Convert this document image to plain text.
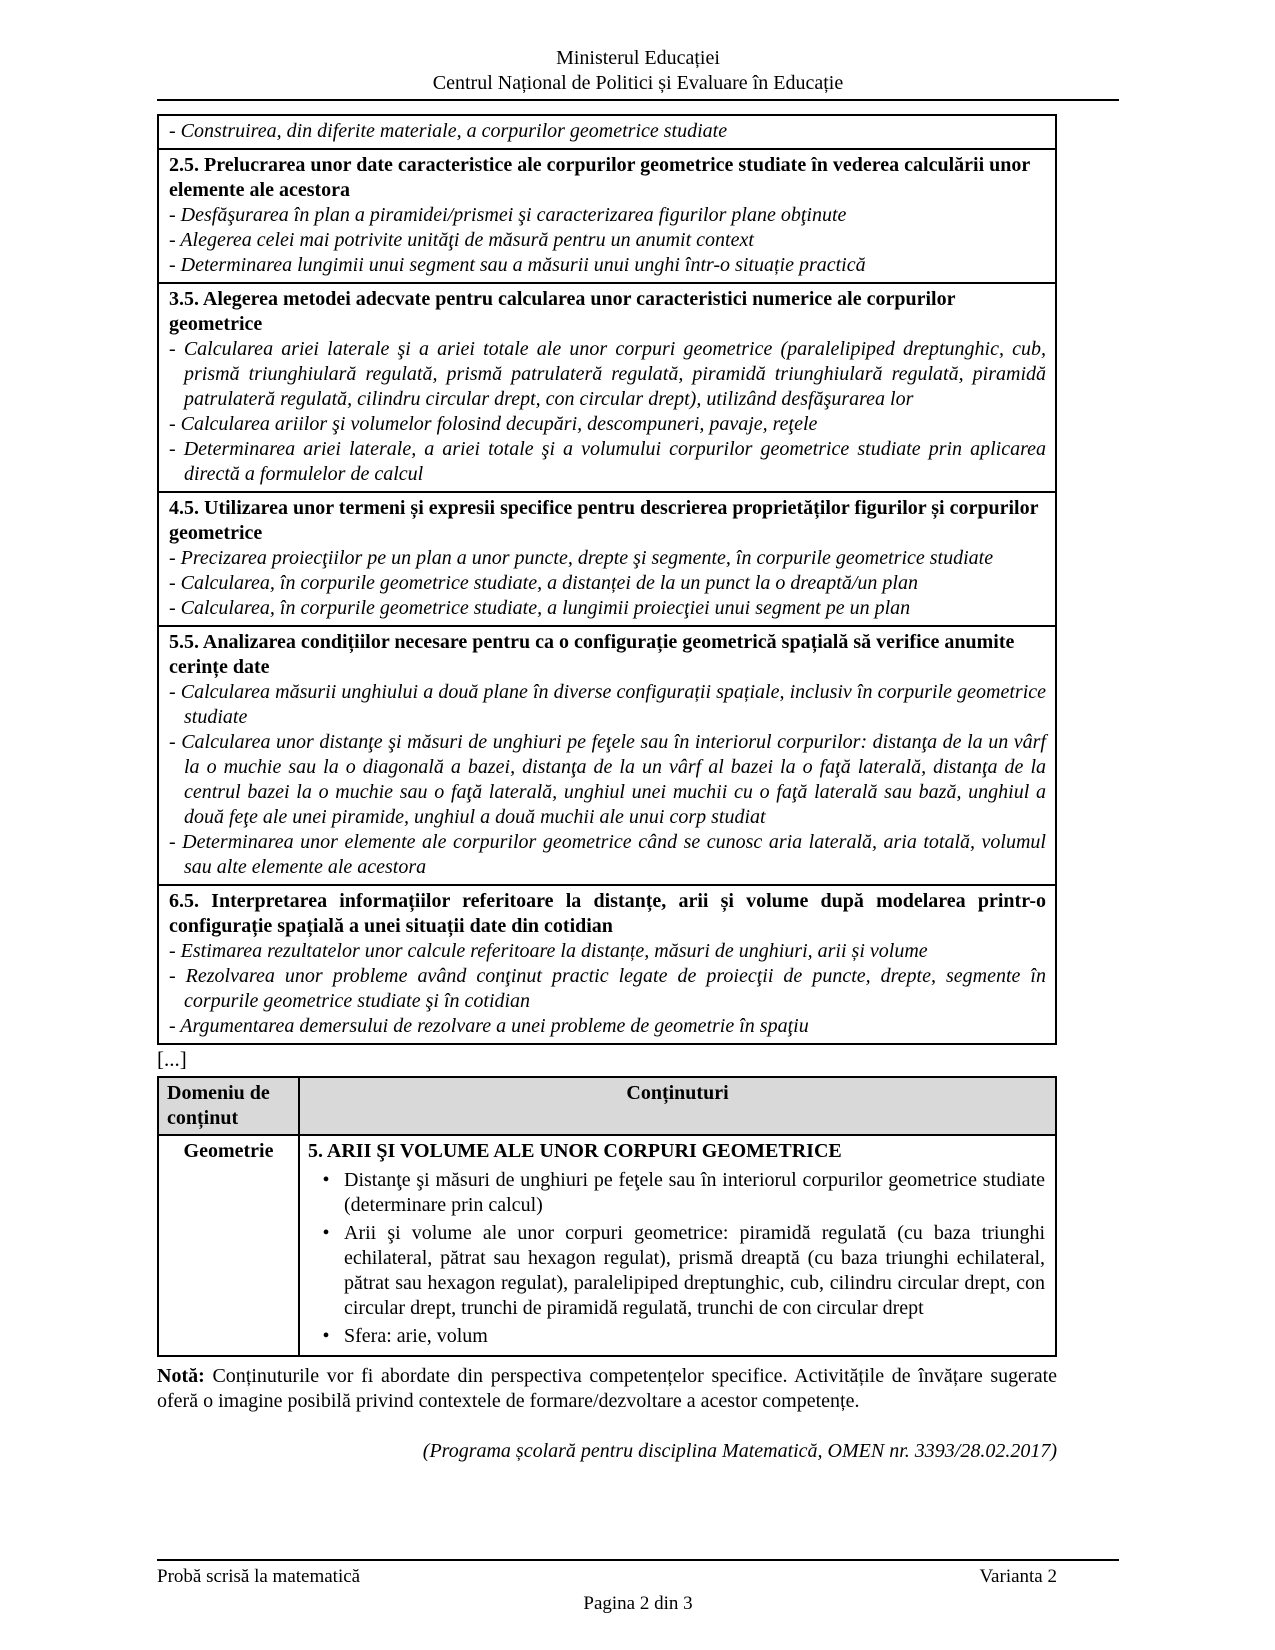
Ministerul Educației
Centrul Național de Politici și Evaluare în Educație

- Construirea, din diferite materiale, a corpurilor geometrice studiate

2.5. Prelucrarea unor date caracteristice ale corpurilor geometrice studiate în vederea calculării unor elemente ale acestora

- Desfăşurarea în plan a piramidei/prismei şi caracterizarea figurilor plane obţinute

- Alegerea celei mai potrivite unităţi de măsură pentru un anumit context

- Determinarea lungimii unui segment sau a măsurii unui unghi într-o situație practică

3.5. Alegerea metodei adecvate pentru calcularea unor caracteristici numerice ale corpurilor geometrice

- Calcularea ariei laterale şi a ariei totale ale unor corpuri geometrice (paralelipiped dreptunghic, cub, prismă triunghiulară regulată, prismă patrulateră regulată, piramidă triunghiulară regulată, piramidă patrulateră regulată, cilindru circular drept, con circular drept), utilizând desfăşurarea lor

- Calcularea ariilor şi volumelor folosind decupări, descompuneri, pavaje, reţele

- Determinarea ariei laterale, a ariei totale şi a volumului corpurilor geometrice studiate prin aplicarea directă a formulelor de calcul

4.5. Utilizarea unor termeni și expresii specifice pentru descrierea proprietăților figurilor și corpurilor geometrice

- Precizarea proiecţiilor pe un plan a unor puncte, drepte şi segmente, în corpurile geometrice studiate

- Calcularea, în corpurile geometrice studiate, a distanței de la un punct la o dreaptă/un plan

- Calcularea, în corpurile geometrice studiate, a lungimii proiecţiei unui segment pe un plan

5.5. Analizarea condițiilor necesare pentru ca o configurație geometrică spațială să verifice anumite cerințe date

- Calcularea măsurii unghiului a două plane în diverse configurații spațiale, inclusiv în corpurile geometrice studiate

- Calcularea unor distanţe şi măsuri de unghiuri pe feţele sau în interiorul corpurilor: distanţa de la un vârf la o muchie sau la o diagonală a bazei, distanţa de la un vârf al bazei la o faţă laterală, distanţa de la centrul bazei la o muchie sau o faţă laterală, unghiul unei muchii cu o faţă laterală sau bază, unghiul a două feţe ale unei piramide, unghiul a două muchii ale unui corp studiat

- Determinarea unor elemente ale corpurilor geometrice când se cunosc aria laterală, aria totală, volumul sau alte elemente ale acestora

6.5. Interpretarea informațiilor referitoare la distanțe, arii și volume după modelarea printr-o configurație spațială a unei situații date din cotidian

- Estimarea rezultatelor unor calcule referitoare la distanțe, măsuri de unghiuri, arii și volume

- Rezolvarea unor probleme având conţinut practic legate de proiecţii de puncte, drepte, segmente în corpurile geometrice studiate şi în cotidian

- Argumentarea demersului de rezolvare a unei probleme de geometrie în spaţiu

[...]
Domeniu de conținut	Conținuturi
Geometrie	5. ARII ŞI VOLUME ALE UNOR CORPURI GEOMETRICE

• Distanţe şi măsuri de unghiuri pe feţele sau în interiorul corpurilor geometrice studiate (determinare prin calcul)
• Arii şi volume ale unor corpuri geometrice: piramidă regulată (cu baza triunghi echilateral, pătrat sau hexagon regulat), prismă dreaptă (cu baza triunghi echilateral, pătrat sau hexagon regulat), paralelipiped dreptunghic, cub, cilindru circular drept, con circular drept, trunchi de piramidă regulată, trunchi de con circular drept
• Sfera: arie, volum

Notă: Conținuturile vor fi abordate din perspectiva competențelor specifice. Activitățile de învățare sugerate oferă o imagine posibilă privind contextele de formare/dezvoltare a acestor competențe.

(Programa școlară pentru disciplina Matematică, OMEN nr. 3393/28.02.2017)

Probă scrisă la matematică	Varianta 2
Pagina 2 din 3
